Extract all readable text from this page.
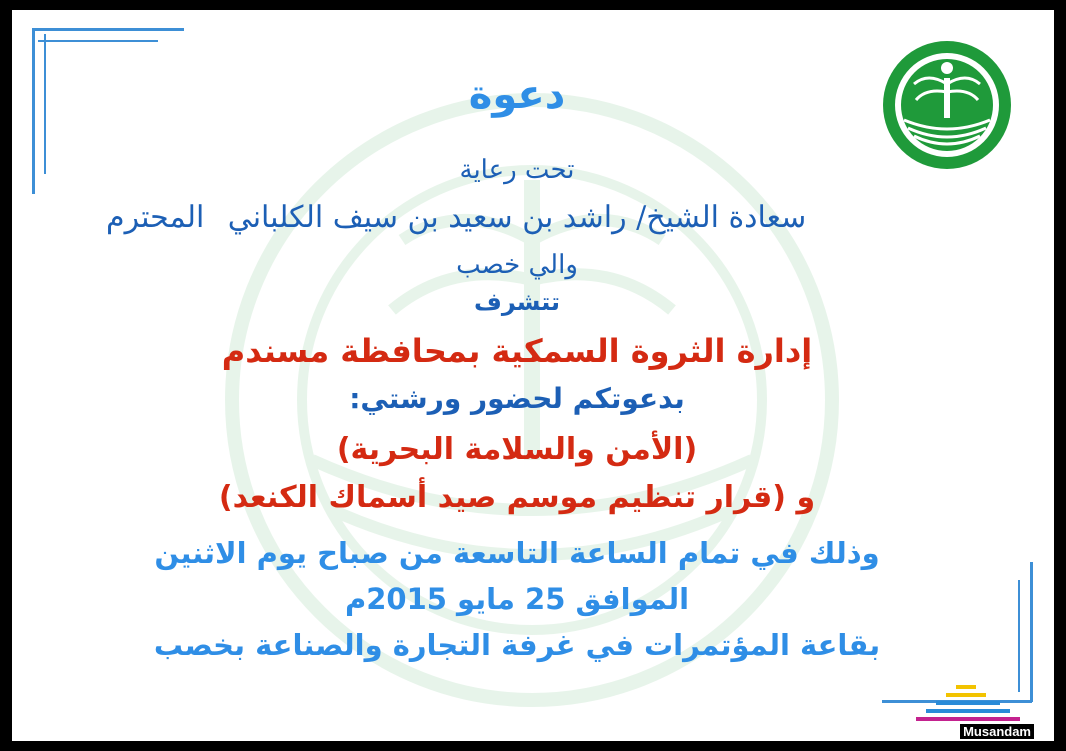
دعوة

تحت رعاية

سعادة الشيخ/ راشد بن سعيد بن سيف الكلباني

المحترم

والي خصب

تتشرف

إدارة الثروة السمكية بمحافظة مسندم

بدعوتكم لحضور ورشتي:

(الأمن والسلامة البحرية)

و (قرار تنظيم موسم صيد أسماك الكنعد)

وذلك في تمام الساعة التاسعة من صباح يوم الاثنين

الموافق 25 مايو 2015م

بقاعة المؤتمرات في غرفة التجارة والصناعة بخصب

Musandam
